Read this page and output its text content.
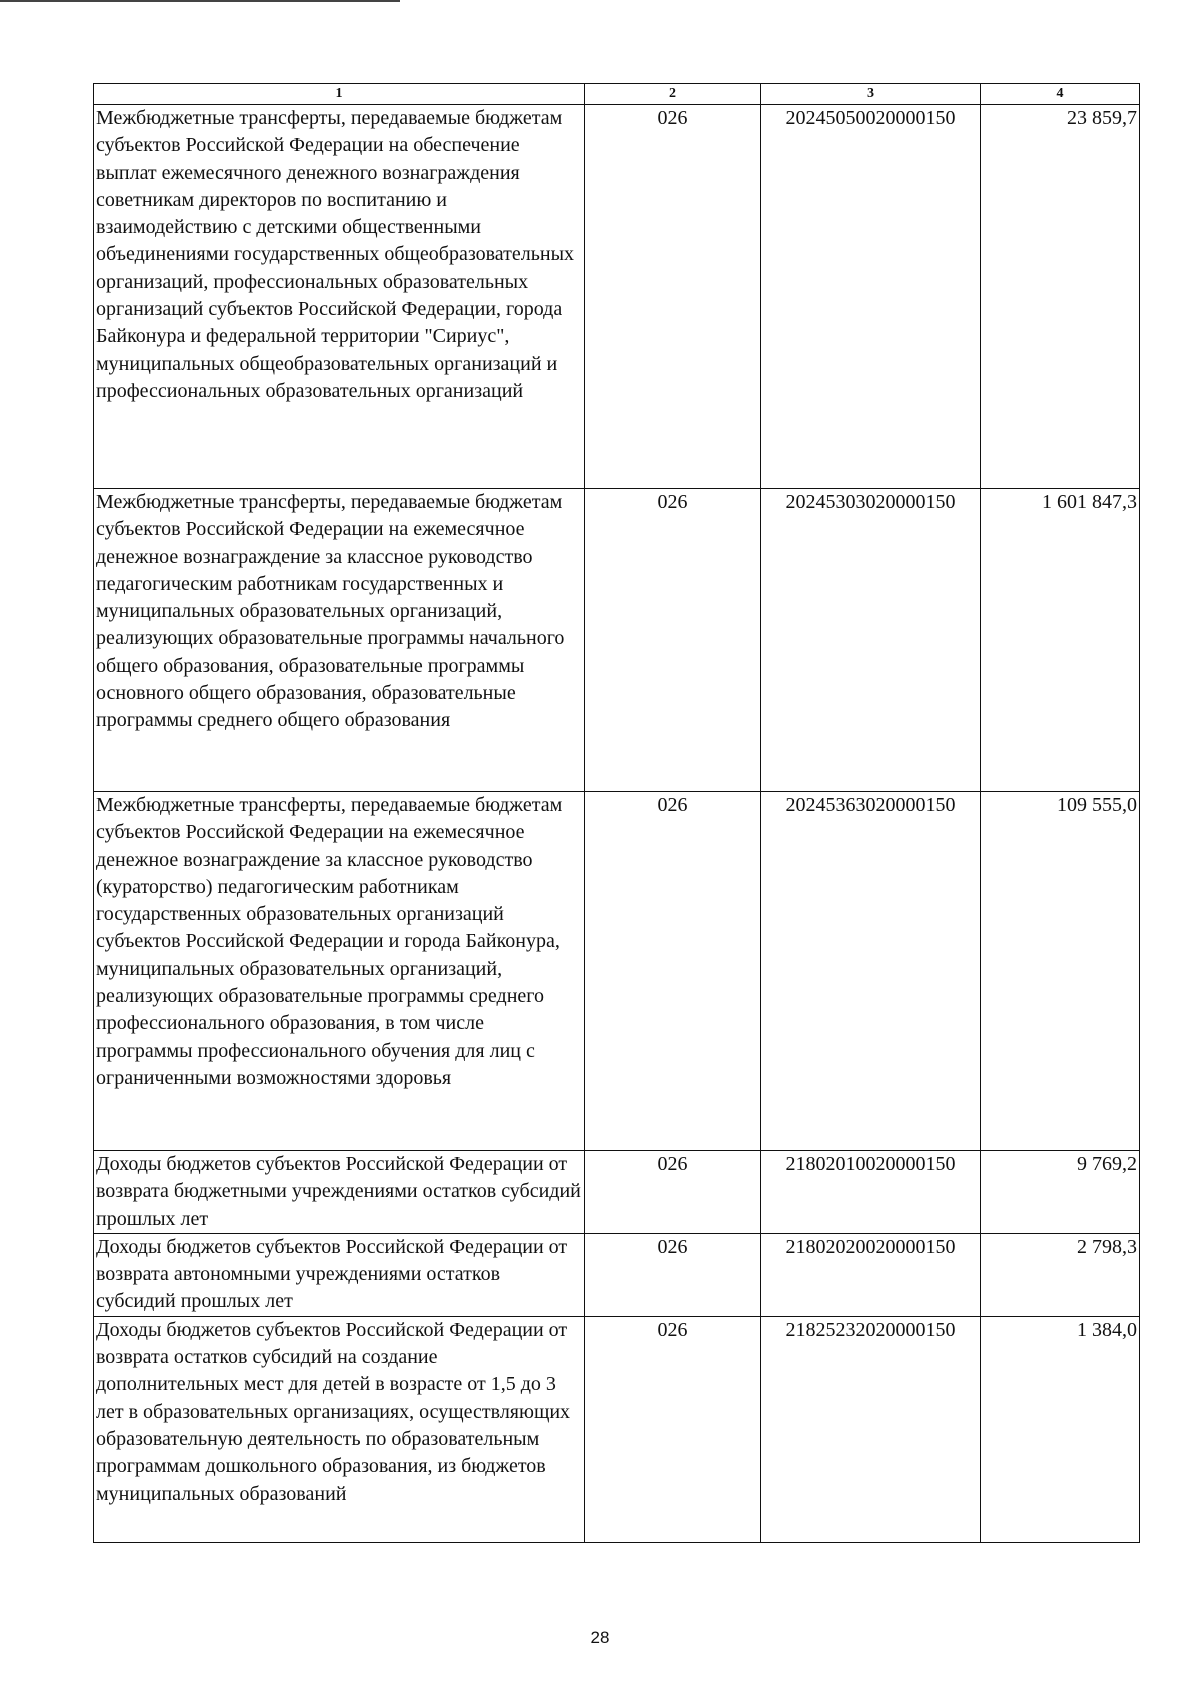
1	2	3	4
Межбюджетные трансферты, передаваемые бюджетам субъектов Российской Федерации на обеспечение выплат ежемесячного денежного вознаграждения советникам директоров по воспитанию и взаимодействию с детскими общественными объединениями государственных общеобразовательных организаций, профессиональных образовательных организаций субъектов Российской Федерации, города Байконура и федеральной территории "Сириус", муниципальных общеобразовательных организаций и профессиональных образовательных организаций	026	20245050020000150	23 859,7
Межбюджетные трансферты, передаваемые бюджетам субъектов Российской Федерации на ежемесячное денежное вознаграждение за классное руководство педагогическим работникам государственных и муниципальных образовательных организаций, реализующих образовательные программы начального общего образования, образовательные программы основного общего образования, образовательные программы среднего общего образования	026	20245303020000150	1 601 847,3
Межбюджетные трансферты, передаваемые бюджетам субъектов Российской Федерации на ежемесячное денежное вознаграждение за классное руководство (кураторство) педагогическим работникам государственных образовательных организаций субъектов Российской Федерации и города Байконура, муниципальных образовательных организаций, реализующих образовательные программы среднего профессионального образования, в том числе программы профессионального обучения для лиц с ограниченными возможностями здоровья	026	20245363020000150	109 555,0
Доходы бюджетов субъектов Российской Федерации от возврата бюджетными учреждениями остатков субсидий прошлых лет	026	21802010020000150	9 769,2
Доходы бюджетов субъектов Российской Федерации от возврата автономными учреждениями остатков субсидий прошлых лет	026	21802020020000150	2 798,3
Доходы бюджетов субъектов Российской Федерации от возврата остатков субсидий на создание дополнительных мест для детей в возрасте от 1,5 до 3 лет в образовательных организациях, осуществляющих образовательную деятельность по образовательным программам дошкольного образования, из бюджетов муниципальных образований	026	21825232020000150	1 384,0
28
